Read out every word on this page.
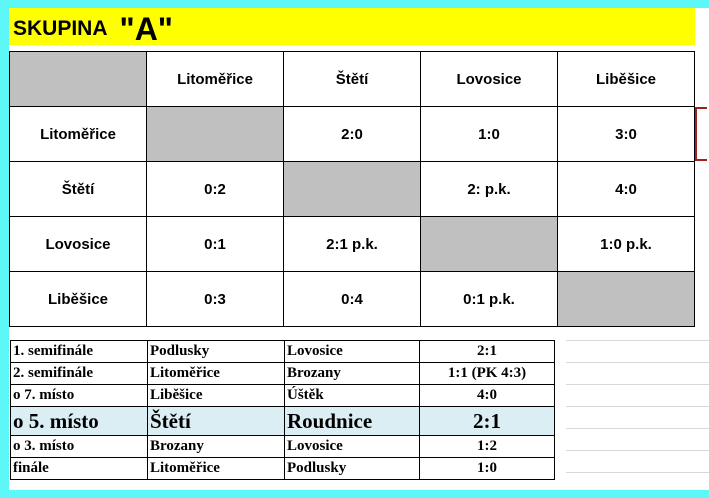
SKUPINA "A"
	Litoměřice	Štětí	Lovosice	Liběšice
Litoměřice		2:0	1:0	3:0
Štětí	0:2		2: p.k.	4:0
Lovosice	0:1	2:1 p.k.		1:0 p.k.
Liběšice	0:3	0:4	0:1 p.k.	
1. semifinále	Podlusky	Lovosice	2:1
2. semifinále	Litoměřice	Brozany	1:1 (PK 4:3)
o 7. místo	Liběšice	Úštěk	4:0
o 5. místo	Štětí	Roudnice	2:1
o 3. místo	Brozany	Lovosice	1:2
finále	Litoměřice	Podlusky	1:0
